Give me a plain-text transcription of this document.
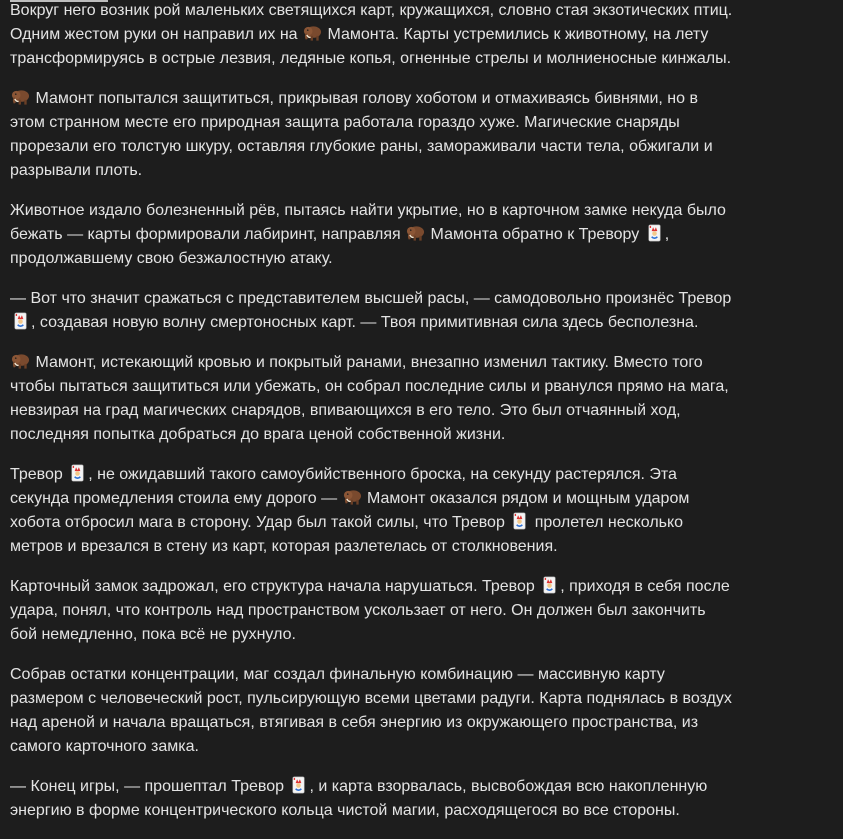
Вокруг него возник рой маленьких светящихся карт, кружащихся, словно стая экзотических птиц.
Одним жестом руки он направил их на  Мамонта. Карты устремились к животному, на лету
трансформируясь в острые лезвия, ледяные копья, огненные стрелы и молниеносные кинжалы.

Мамонт попытался защититься, прикрывая голову хоботом и отмахиваясь бивнями, но в
этом странном месте его природная защита работала гораздо хуже. Магические снаряды
прорезали его толстую шкуру, оставляя глубокие раны, замораживали части тела, обжигали и
разрывали плоть.

Животное издало болезненный рёв, пытаясь найти укрытие, но в карточном замке некуда было
бежать — карты формировали лабиринт, направляя  Мамонта обратно к Тревору ,
продолжавшему свою безжалостную атаку.

— Вот что значит сражаться с представителем высшей расы, — самодовольно произнёс Тревор
, создавая новую волну смертоносных карт. — Твоя примитивная сила здесь бесполезна.

Мамонт, истекающий кровью и покрытый ранами, внезапно изменил тактику. Вместо того
чтобы пытаться защититься или убежать, он собрал последние силы и рванулся прямо на мага,
невзирая на град магических снарядов, впивающихся в его тело. Это был отчаянный ход,
последняя попытка добраться до врага ценой собственной жизни.

Тревор , не ожидавший такого самоубийственного броска, на секунду растерялся. Эта
секунда промедления стоила ему дорого —  Мамонт оказался рядом и мощным ударом
хобота отбросил мага в сторону. Удар был такой силы, что Тревор  пролетел несколько
метров и врезался в стену из карт, которая разлетелась от столкновения.

Карточный замок задрожал, его структура начала нарушаться. Тревор , приходя в себя после
удара, понял, что контроль над пространством ускользает от него. Он должен был закончить
бой немедленно, пока всё не рухнуло.

Собрав остатки концентрации, маг создал финальную комбинацию — массивную карту
размером с человеческий рост, пульсирующую всеми цветами радуги. Карта поднялась в воздух
над ареной и начала вращаться, втягивая в себя энергию из окружающего пространства, из
самого карточного замка.

— Конец игры, — прошептал Тревор , и карта взорвалась, высвобождая всю накопленную
энергию в форме концентрического кольца чистой магии, расходящегося во все стороны.
